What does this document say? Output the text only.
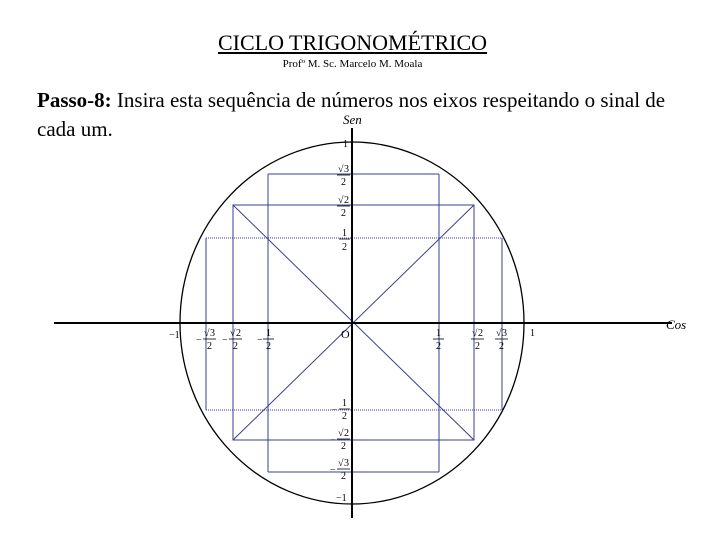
CICLO TRIGONOMÉTRICO
Profº M. Sc. Marcelo M. Moala
Passo-8: Insira esta sequência de números nos eixos respeitando o sinal de cada um.	Sen
Cos
O
1
√ 3
2
√ 2
2
1
2
1
2
−
√ 2
2
−
√ 3
2
−
−1
−1 −
√ 3
2
−
√ 2
2
−
1
2
1
2
√ 2
2
√ 3
2
1
